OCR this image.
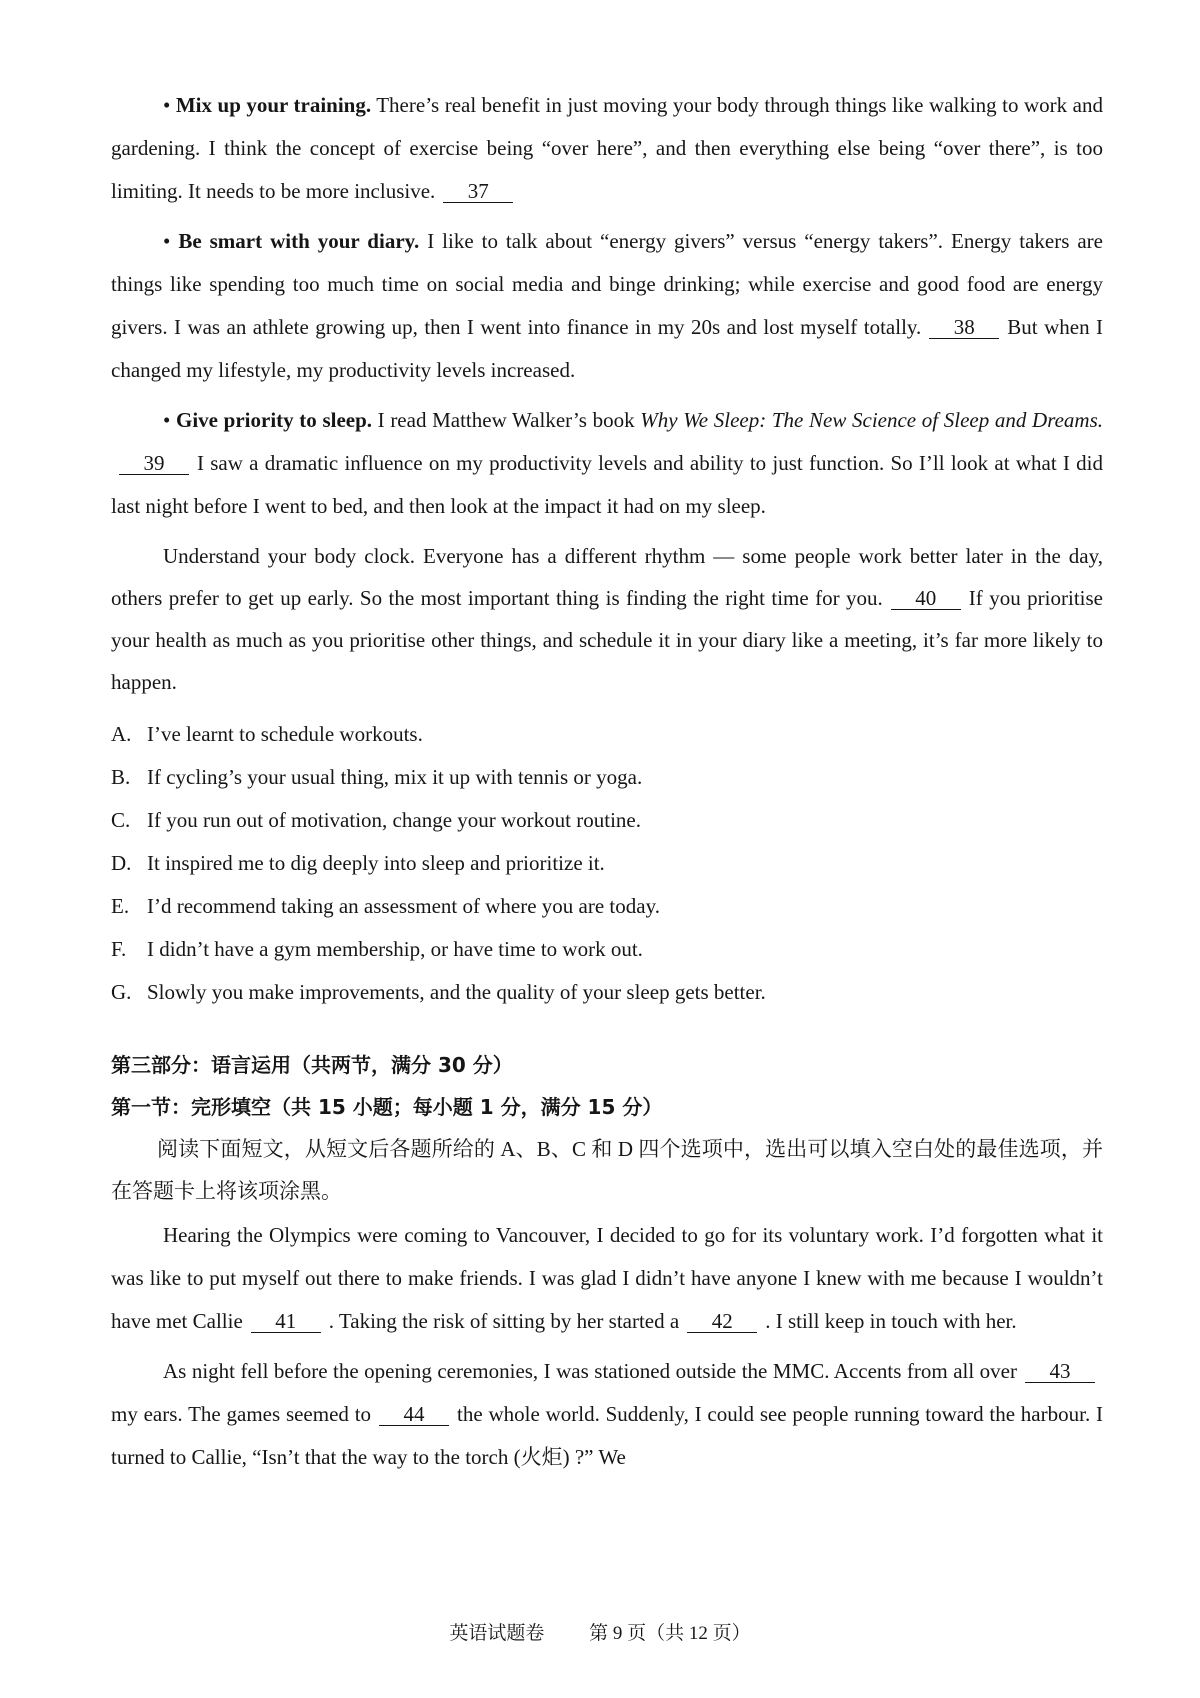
• Mix up your training. There’s real benefit in just moving your body through things like walking to work and gardening. I think the concept of exercise being “over here”, and then everything else being “over there”, is too limiting. It needs to be more inclusive. 37

• Be smart with your diary. I like to talk about “energy givers” versus “energy takers”. Energy takers are things like spending too much time on social media and binge drinking; while exercise and good food are energy givers. I was an athlete growing up, then I went into finance in my 20s and lost myself totally. 38 But when I changed my lifestyle, my productivity levels increased.

• Give priority to sleep. I read Matthew Walker’s book Why We Sleep: The New Science of Sleep and Dreams.39 I saw a dramatic influence on my productivity levels and ability to just function. So I’ll look at what I did last night before I went to bed, and then look at the impact it had on my sleep.

Understand your body clock. Everyone has a different rhythm — some people work better later in the day, others prefer to get up early. So the most important thing is finding the right time for you. 40 If you prioritise your health as much as you prioritise other things, and schedule it in your diary like a meeting, it’s far more likely to happen.

A. I’ve learnt to schedule workouts.
B. If cycling’s your usual thing, mix it up with tennis or yoga.
C. If you run out of motivation, change your workout routine.
D. It inspired me to dig deeply into sleep and prioritize it.
E. I’d recommend taking an assessment of where you are today.
F. I didn’t have a gym membership, or have time to work out.
G. Slowly you make improvements, and the quality of your sleep gets better.

第三部分：语言运用（共两节，满分 30 分）

第一节：完形填空（共 15 小题；每小题 1 分，满分 15 分）

阅读下面短文，从短文后各题所给的 A、B、C 和 D 四个选项中，选出可以填入空白处的最佳选项，并在答题卡上将该项涂黑。

Hearing the Olympics were coming to Vancouver, I decided to go for its voluntary work. I’d forgotten what it was like to put myself out there to make friends. I was glad I didn’t have anyone I knew with me because I wouldn’t have met Callie 41 . Taking the risk of sitting by her started a 42 . I still keep in touch with her.

As night fell before the opening ceremonies, I was stationed outside the MMC. Accents from all over 43my ears. The games seemed to 44 the whole world. Suddenly, I could see people running toward the harbour. I turned to Callie, “Isn’t that the way to the torch (火炬) ?” We

英语试题卷 第 9 页（共 12 页）
